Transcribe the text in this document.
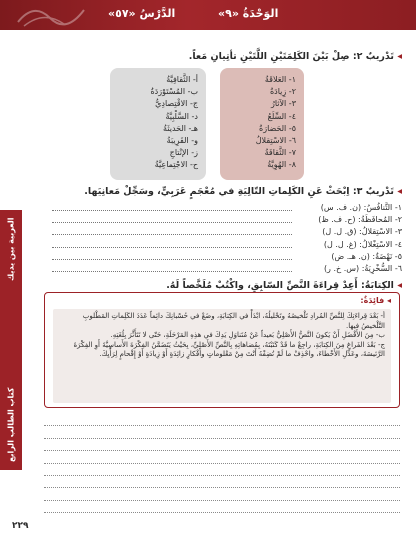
الدَّرْسُ «٥٧»	الوَحْدَةُ «٩»
العربية بين يديك
كتاب الطالب الرابع
◂ تَدْريبٌ ٢: صِلْ بَيْنَ الكَلِمَتَيْنِ اللَّتَيْنِ تأتِيانِ مَعاً.
١- العَلاقَةُ
٢- زِيادَةُ
٣- الآثارُ
٤- السِّلَعُ
٥- الحَضارَةُ
٦- الاسْتِقلالُ
٧- الثَّقافَةُ
٨- الهُوِيَّةُ
أ- الثَّقافِيَّةُ
ب- المُسْتَوْرَدَةُ
ج- الاقْتِصادِيُّ
د- السَّلْبِيَّةُ
هـ- الحَديثَةُ
و- القَرِيبَةُ
ز- الإنْتاجِ
ح- الاجْتِماعِيَّةُ
◂ تَدْريبٌ ٣: اِبْحَثْ عَنِ الكَلِماتِ التّالِيَةِ في مُعْجَمٍ عَرَبِيٍّ، وسَجِّلْ مَعانِيَها.
١- التَّنافُسُ: (ن. ف. س)
٢- المُحافَظَةُ: (ح. ف. ظ)
٣- الاسْتِقلالُ: (ق. ل. ل)
٤- الاسْتِغْلالُ: (غ. ل. ل)
٥- نَهْضَةٌ: (ن. هـ. ض)
٦- السُّخْرِيَةُ: (س. خ. ر)
◂ الكِتابَةُ: أَعِدْ قِراءَةَ النَّصِّ السّابِقِ، واكْتُبْ مُلَخَّصاً لَهُ.
◂ فائِدَةٌ:

أ- بَعْدَ قِراءَتِكَ لِلنَّصِّ المُرادِ تَلْخيصُهُ وتَحْليلُهُ، ابْدَأْ في الكِتابَةِ، وضَعْ في حُسْبانِكَ دائِماً عَدَدَ الكَلِماتِ المَطْلوبِ التَّلْخيصُ فيها.

ب- مِنَ الأَفْضَلِ أَنْ يَكونَ النَّصُّ الأَصْلِيُّ بَعيداً عَنْ مُتَناوَلِ يَدِكَ في هذِهِ المَرْحَلَةِ، حَتّى لا تَتَأَثَّرَ بِلُغَتِهِ.

ج- بَعْدَ الفَراغِ مِنَ الكِتابَةِ، راجِعْ ما قَدْ كَتَبْتَهُ، بِمُضاهاتِهِ بِالنَّصِّ الأَصْلِيِّ، بِحَيْثُ يَتَضَمَّنُ الفِكْرَةَ الأَساسِيَّةَ أَوِ الفِكْرَةَ الرَّئيسَةَ، وعَدِّلِ الأَخْطاءَ، واحْذِفْ ما لَمْ تُضِفْهُ أَنْتَ مِنْ مَعْلوماتٍ وأَفْكارٍ زائِدَةٍ أَوْ زِيادَةٍ أَوْ إِقْحامٍ لِرَأْيِكَ.

٢٢٩
